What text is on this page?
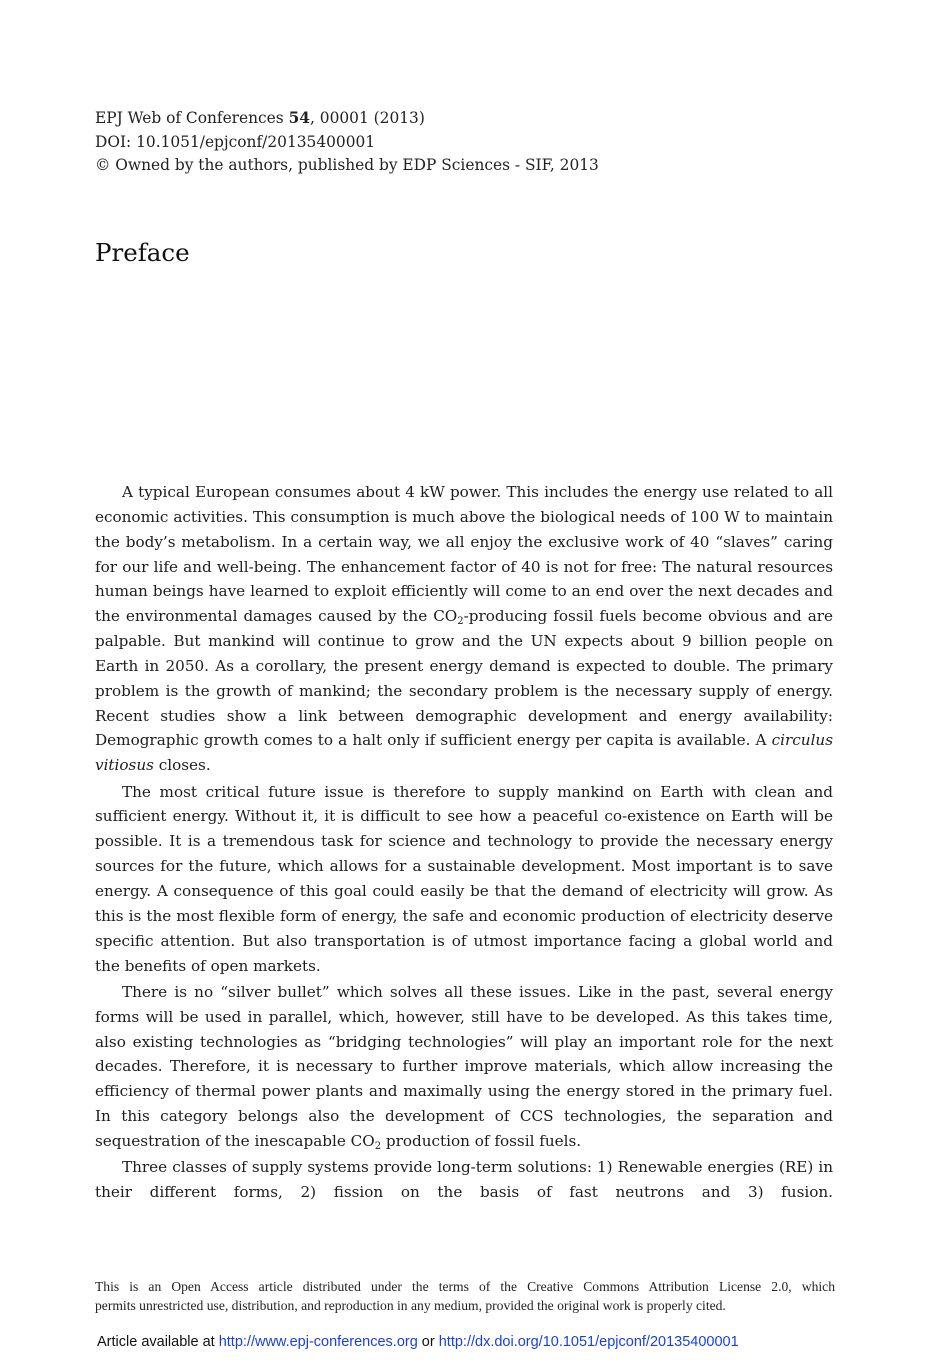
EPJ Web of Conferences 54, 00001 (2013)
DOI: 10.1051/epjconf/20135400001
© Owned by the authors, published by EDP Sciences - SIF, 2013
Preface

A typical European consumes about 4 kW power. This includes the energy use related to all economic activities. This consumption is much above the biological needs of 100 W to maintain the body’s metabolism. In a certain way, we all enjoy the exclusive work of 40 “slaves” caring for our life and well-being. The enhancement factor of 40 is not for free: The natural resources human beings have learned to exploit efficiently will come to an end over the next decades and the environmental damages caused by the $CO_2$-producing fossil fuels become obvious and are palpable. But mankind will continue to grow and the UN expects about 9 billion people on Earth in 2050. As a corollary, the present energy demand is expected to double. The primary problem is the growth of mankind; the secondary problem is the necessary supply of energy. Recent studies show a link between demographic development and energy availability: Demographic growth comes to a halt only if sufficient energy per capita is available. A circulus vitiosus closes.

The most critical future issue is therefore to supply mankind on Earth with clean and sufficient energy. Without it, it is difficult to see how a peaceful co-existence on Earth will be possible. It is a tremendous task for science and technology to provide the necessary energy sources for the future, which allows for a sustainable development. Most important is to save energy. A consequence of this goal could easily be that the demand of electricity will grow. As this is the most flexible form of energy, the safe and economic production of electricity deserve specific attention. But also transportation is of utmost importance facing a global world and the benefits of open markets.

There is no “silver bullet” which solves all these issues. Like in the past, several energy forms will be used in parallel, which, however, still have to be developed. As this takes time, also existing technologies as “bridging technologies” will play an important role for the next decades. Therefore, it is necessary to further improve materials, which allow increasing the efficiency of thermal power plants and maximally using the energy stored in the primary fuel. In this category belongs also the development of CCS technologies, the separation and sequestration of the inescapable $CO_2$ production of fossil fuels.

Three classes of supply systems provide long-term solutions: 1) Renewable energies (RE) in their different forms, 2) fission on the basis of fast neutrons and 3) fusion.

This is an Open Access article distributed under the terms of the Creative Commons Attribution License 2.0, which
permits unrestricted use, distribution, and reproduction in any medium, provided the original work is properly cited.
Article available at http://www.epj-conferences.org or http://dx.doi.org/10.1051/epjconf/20135400001
